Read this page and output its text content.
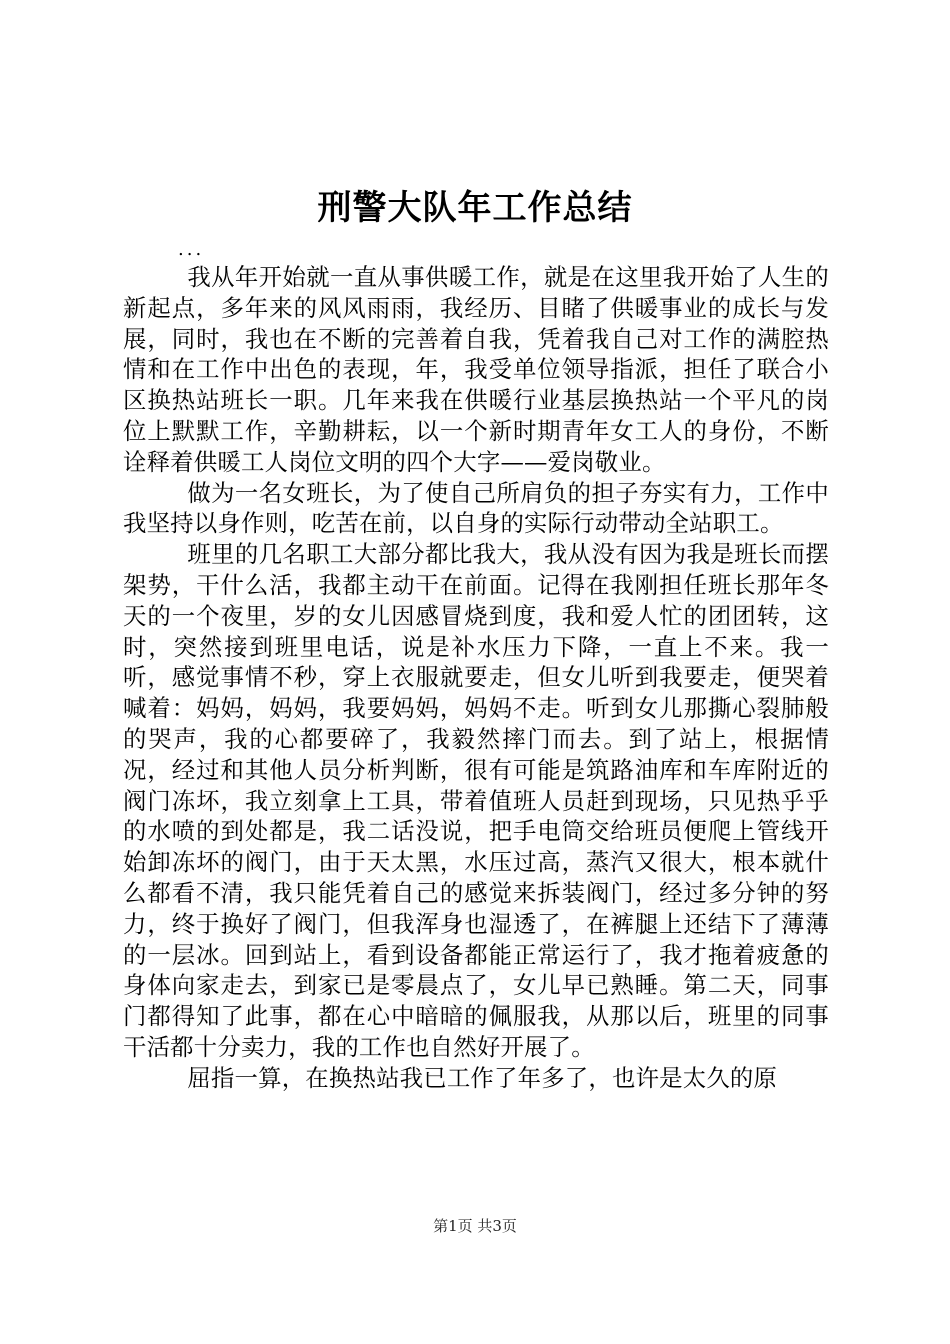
刑警大队年工作总结
...

我从年开始就一直从事供暖工作，就是在这里我开始了人生的新起点，多年来的风风雨雨，我经历、目睹了供暖事业的成长与发展，同时，我也在不断的完善着自我，凭着我自己对工作的满腔热情和在工作中出色的表现，年，我受单位领导指派，担任了联合小区换热站班长一职。几年来我在供暖行业基层换热站一个平凡的岗位上默默工作，辛勤耕耘，以一个新时期青年女工人的身份，不断诠释着供暖工人岗位文明的四个大字——爱岗敬业。

做为一名女班长，为了使自己所肩负的担子夯实有力，工作中我坚持以身作则，吃苦在前，以自身的实际行动带动全站职工。

班里的几名职工大部分都比我大，我从没有因为我是班长而摆架势，干什么活，我都主动干在前面。记得在我刚担任班长那年冬天的一个夜里，岁的女儿因感冒烧到度，我和爱人忙的团团转，这时，突然接到班里电话，说是补水压力下降，一直上不来。我一听，感觉事情不秒，穿上衣服就要走，但女儿听到我要走，便哭着喊着：妈妈，妈妈，我要妈妈，妈妈不走。听到女儿那撕心裂肺般的哭声，我的心都要碎了，我毅然摔门而去。到了站上，根据情况，经过和其他人员分析判断，很有可能是筑路油库和车库附近的阀门冻坏，我立刻拿上工具，带着值班人员赶到现场，只见热乎乎的水喷的到处都是，我二话没说，把手电筒交给班员便爬上管线开始卸冻坏的阀门，由于天太黑，水压过高，蒸汽又很大，根本就什么都看不清，我只能凭着自己的感觉来拆装阀门，经过多分钟的努力，终于换好了阀门，但我浑身也湿透了，在裤腿上还结下了薄薄的一层冰。回到站上，看到设备都能正常运行了，我才拖着疲惫的身体向家走去，到家已是零晨点了，女儿早已熟睡。第二天，同事门都得知了此事，都在心中暗暗的佩服我，从那以后，班里的同事干活都十分卖力，我的工作也自然好开展了。

屈指一算，在换热站我已工作了年多了，也许是太久的原

第1页 共3页
